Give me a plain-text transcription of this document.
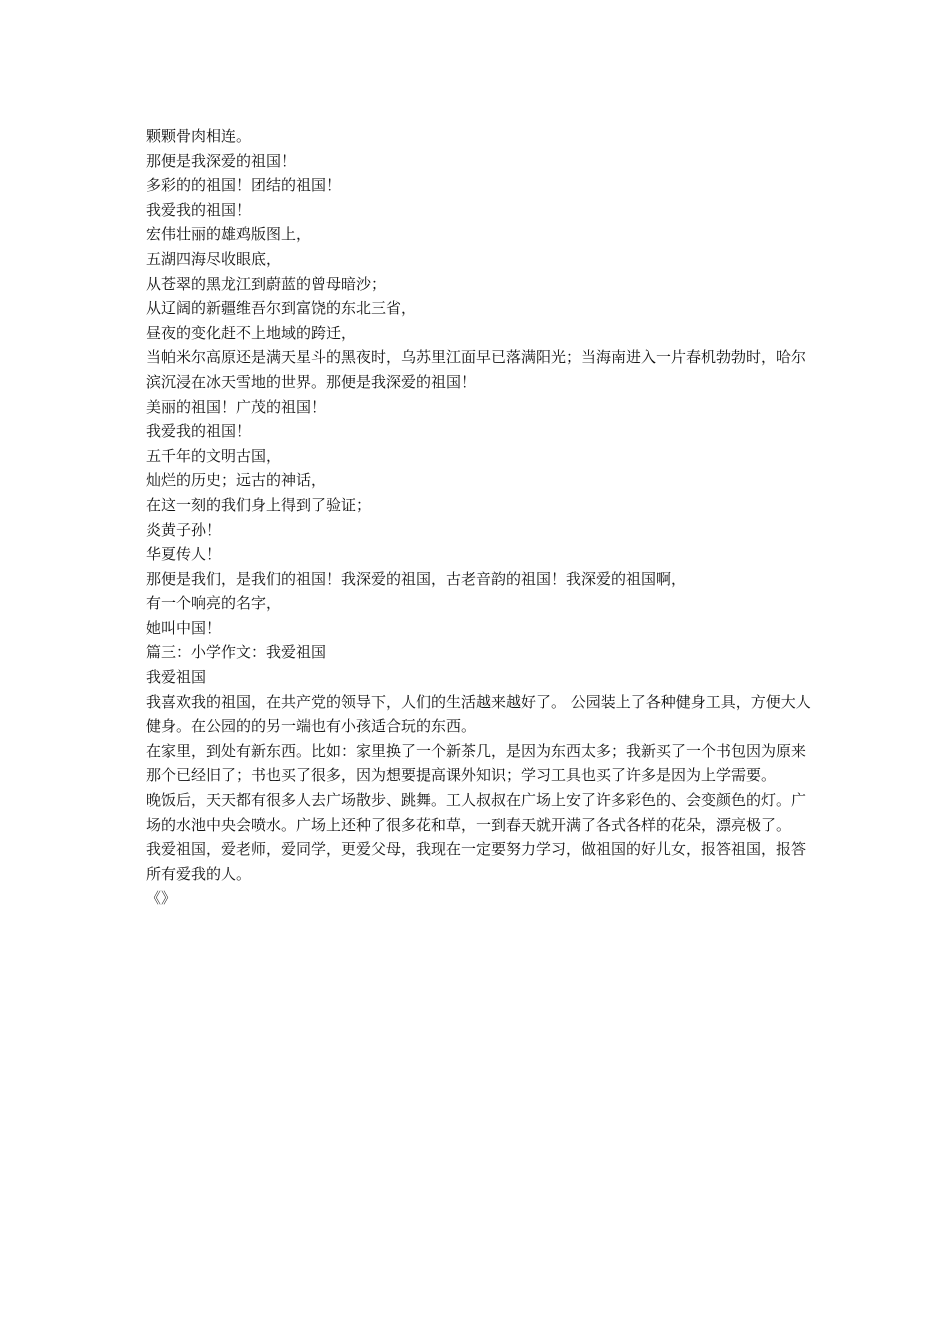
颗颗骨肉相连。

那便是我深爱的祖国！

多彩的的祖国！团结的祖国！

我爱我的祖国！

宏伟壮丽的雄鸡版图上，

五湖四海尽收眼底，

从苍翠的黑龙江到蔚蓝的曾母暗沙；

从辽阔的新疆维吾尔到富饶的东北三省，

昼夜的变化赶不上地域的跨迁，

当帕米尔高原还是满天星斗的黑夜时，乌苏里江面早已落满阳光；当海南进入一片春机勃勃时，哈尔滨沉浸在冰天雪地的世界。那便是我深爱的祖国！

美丽的祖国！广茂的祖国！

我爱我的祖国！

五千年的文明古国，

灿烂的历史；远古的神话，

在这一刻的我们身上得到了验证；

炎黄子孙！

华夏传人！

那便是我们，是我们的祖国！我深爱的祖国，古老音韵的祖国！我深爱的祖国啊，

有一个响亮的名字，

她叫中国！

篇三：小学作文：我爱祖国

我爱祖国

我喜欢我的祖国，在共产党的领导下，人们的生活越来越好了。 公园装上了各种健身工具，方便大人健身。在公园的的另一端也有小孩适合玩的东西。

在家里，到处有新东西。比如：家里换了一个新茶几，是因为东西太多；我新买了一个书包因为原来那个已经旧了；书也买了很多，因为想要提高课外知识；学习工具也买了许多是因为上学需要。

晚饭后，天天都有很多人去广场散步、跳舞。工人叔叔在广场上安了许多彩色的、会变颜色的灯。广场的水池中央会喷水。广场上还种了很多花和草，一到春天就开满了各式各样的花朵，漂亮极了。

我爱祖国，爱老师，爱同学，更爱父母，我现在一定要努力学习，做祖国的好儿女，报答祖国，报答所有爱我的人。

《》
